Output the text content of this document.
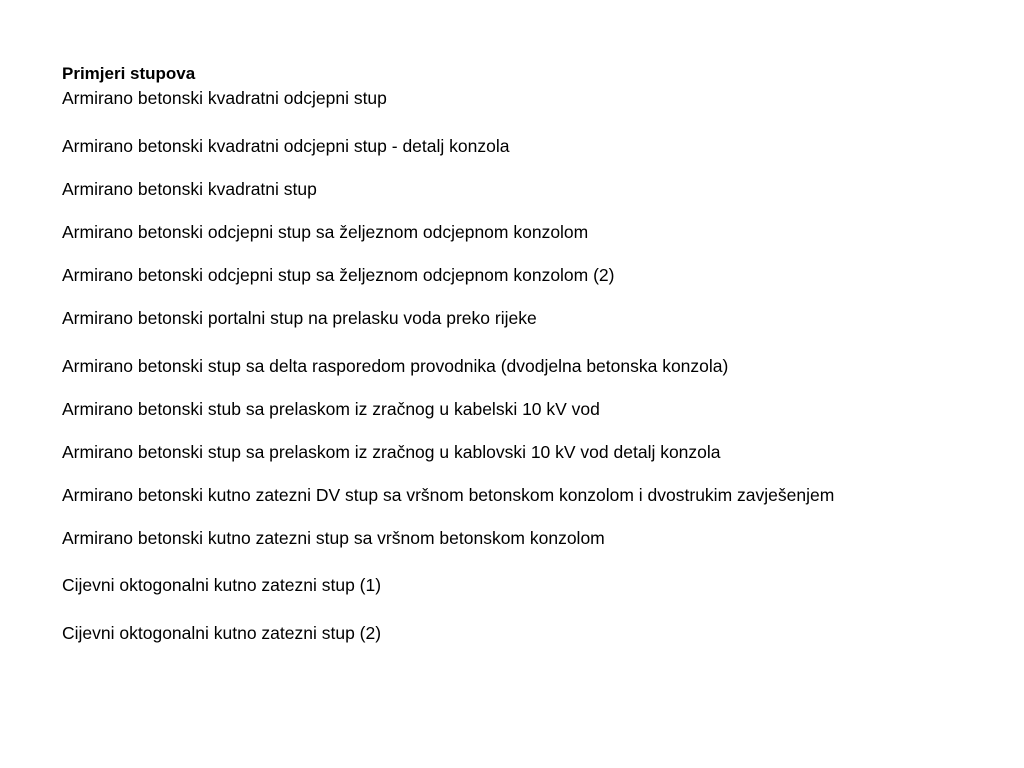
Primjeri stupova
Armirano betonski kvadratni odcjepni stup
Armirano betonski kvadratni odcjepni stup - detalj konzola
Armirano betonski kvadratni stup
Armirano betonski odcjepni stup sa željeznom odcjepnom konzolom
Armirano betonski odcjepni stup sa željeznom odcjepnom konzolom (2)
Armirano betonski portalni stup na prelasku voda preko rijeke
Armirano betonski stup sa delta rasporedom provodnika (dvodjelna betonska konzola)
Armirano betonski stub sa prelaskom iz zračnog u kabelski 10 kV vod
Armirano betonski stup sa prelaskom iz zračnog u kablovski 10 kV vod detalj konzola
Armirano betonski kutno zatezni DV stup sa vršnom betonskom konzolom i dvostrukim zavješenjem
Armirano betonski kutno zatezni stup sa vršnom betonskom konzolom
Cijevni oktogonalni kutno zatezni stup (1)
Cijevni oktogonalni kutno zatezni stup (2)
